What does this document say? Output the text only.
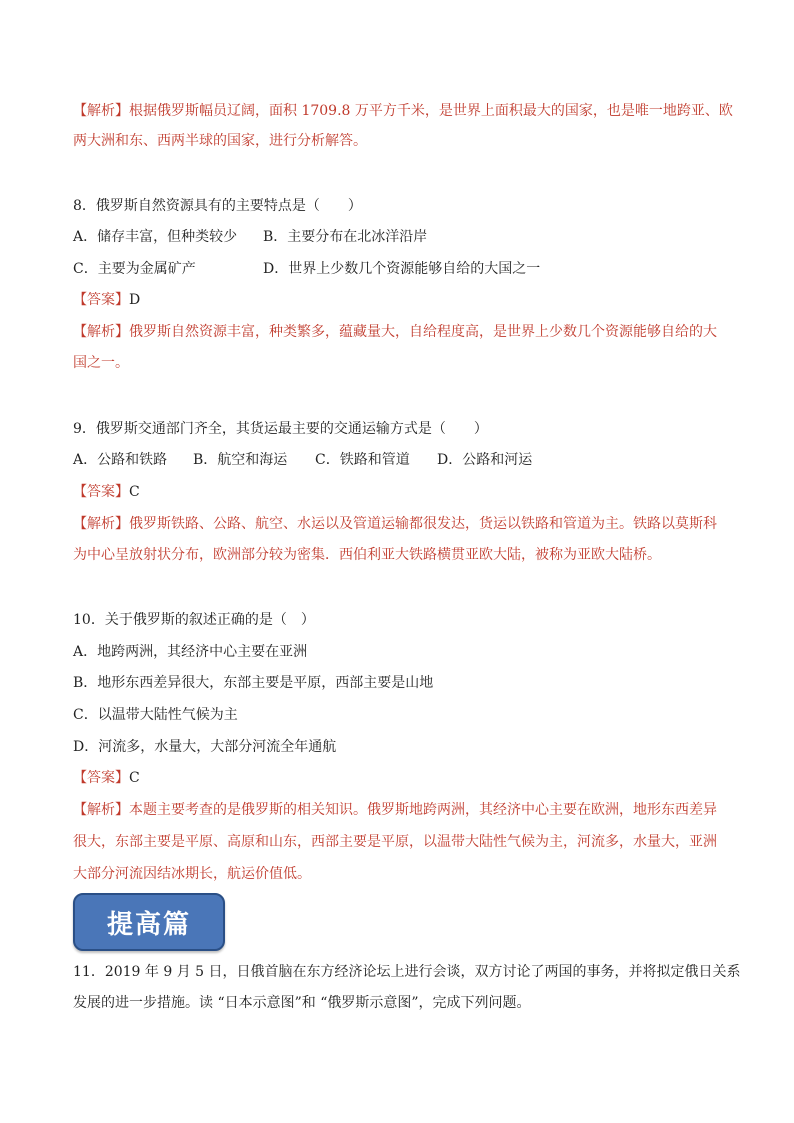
【解析】根据俄罗斯幅员辽阔，面积 1709.8 万平方千米，是世界上面积最大的国家，也是唯一地跨亚、欧
两大洲和东、西两半球的国家，进行分析解答。
8．俄罗斯自然资源具有的主要特点是（　　）
A．储存丰富，但种类较少 B．主要分布在北冰洋沿岸
C．主要为金属矿产	D．世界上少数几个资源能够自给的大国之一
【答案】D
【解析】俄罗斯自然资源丰富，种类繁多，蕴藏量大，自给程度高，是世界上少数几个资源能够自给的大
国之一。
9．俄罗斯交通部门齐全，其货运最主要的交通运输方式是（　　）
A．公路和铁路 B．航空和海运 C．铁路和管道 D．公路和河运
【答案】C
【解析】俄罗斯铁路、公路、航空、水运以及管道运输都很发达，货运以铁路和管道为主。铁路以莫斯科
为中心呈放射状分布，欧洲部分较为密集．西伯利亚大铁路横贯亚欧大陆，被称为亚欧大陆桥。
10．关于俄罗斯的叙述正确的是（　）
A．地跨两洲，其经济中心主要在亚洲
B．地形东西差异很大，东部主要是平原，西部主要是山地
C．以温带大陆性气候为主
D．河流多，水量大，大部分河流全年通航
【答案】C
【解析】本题主要考查的是俄罗斯的相关知识。俄罗斯地跨两洲，其经济中心主要在欧洲，地形东西差异
很大，东部主要是平原、高原和山东，西部主要是平原，以温带大陆性气候为主，河流多，水量大，亚洲
大部分河流因结冰期长，航运价值低。
提高篇
11．2019 年 9 月 5 日，日俄首脑在东方经济论坛上进行会谈，双方讨论了两国的事务，并将拟定俄日关系
发展的进一步措施。读 “日本示意图”和 “俄罗斯示意图”，完成下列问题。
